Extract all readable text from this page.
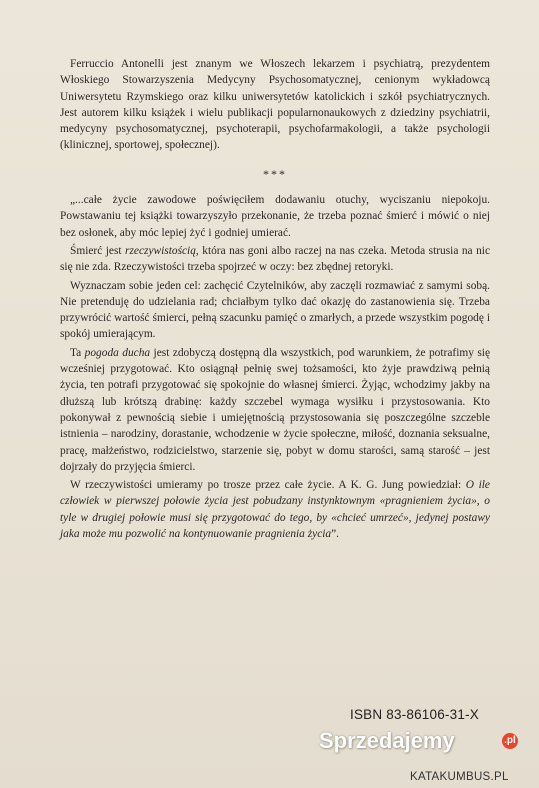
Ferruccio Antonelli jest znanym we Włoszech lekarzem i psychiatrą, prezydentem Włoskiego Stowarzyszenia Medycyny Psychosomatycznej, cenionym wykładowcą Uniwersytetu Rzymskiego oraz kilku uniwersytetów katolickich i szkół psychiatrycznych. Jest autorem kilku książek i wielu publikacji popularnonaukowych z dziedziny psychiatrii, medycyny psychosomatycznej, psychoterapii, psychofarmakologii, a także psychologii (klinicznej, sportowej, społecznej).

***

„...całe życie zawodowe poświęciłem dodawaniu otuchy, wyciszaniu niepokoju. Powstawaniu tej książki towarzyszyło przekonanie, że trzeba poznać śmierć i mówić o niej bez osłonek, aby móc lepiej żyć i godniej umierać.

Śmierć jest rzeczywistością, która nas goni albo raczej na nas czeka. Metoda strusia na nic się nie zda. Rzeczywistości trzeba spojrzeć w oczy: bez zbędnej retoryki.

Wyznaczam sobie jeden cel: zachęcić Czytelników, aby zaczęli rozmawiać z samymi sobą. Nie pretenduję do udzielania rad; chciałbym tylko dać okazję do zastanowienia się. Trzeba przywrócić wartość śmierci, pełną szacunku pamięć o zmarłych, a przede wszystkim pogodę i spokój umierającym.

Ta pogoda ducha jest zdobyczą dostępną dla wszystkich, pod warunkiem, że potrafimy się wcześniej przygotować. Kto osiągnął pełnię swej tożsamości, kto żyje prawdziwą pełnią życia, ten potrafi przygotować się spokojnie do własnej śmierci. Żyjąc, wchodzimy jakby na dłuższą lub krótszą drabinę: każdy szczebel wymaga wysiłku i przystosowania. Kto pokonywał z pewnością siebie i umiejętnością przystosowania się poszczególne szczeble istnienia – narodziny, dorastanie, wchodzenie w życie społeczne, miłość, doznania seksualne, pracę, małżeństwo, rodzicielstwo, starzenie się, pobyt w domu starości, samą starość – jest dojrzały do przyjęcia śmierci.

W rzeczywistości umieramy po trosze przez całe życie. A K. G. Jung powiedział: O ile człowiek w pierwszej połowie życia jest pobudzany instynktownym «pragnieniem życia», o tyle w drugiej połowie musi się przygotować do tego, by «chcieć umrzeć», jedynej postawy jaka może mu pozwolić na kontynuowanie pragnienia życia”.

ISBN 83-86106-31-X
Sprzedajemy	.pl
KATAKUMBUS.PL
